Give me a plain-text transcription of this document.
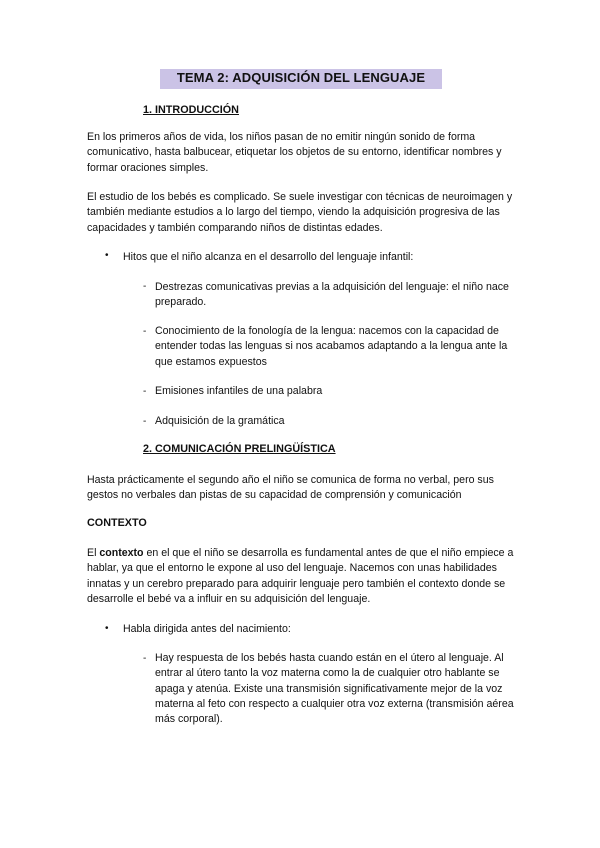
TEMA 2: ADQUISICIÓN DEL LENGUAJE
1. INTRODUCCIÓN
En los primeros años de vida, los niños pasan de no emitir ningún sonido de forma comunicativo, hasta balbucear, etiquetar los objetos de su entorno, identificar nombres y formar oraciones simples.
El estudio de los bebés es complicado. Se suele investigar con técnicas de neuroimagen y también mediante estudios a lo largo del tiempo, viendo la adquisición progresiva de las capacidades y también comparando niños de distintas edades.
• Hitos que el niño alcanza en el desarrollo del lenguaje infantil:
- Destrezas comunicativas previas a la adquisición del lenguaje: el niño nace preparado.
- Conocimiento de la fonología de la lengua: nacemos con la capacidad de entender todas las lenguas si nos acabamos adaptando a la lengua ante la que estamos expuestos
- Emisiones infantiles de una palabra
- Adquisición de la gramática
2. COMUNICACIÓN PRELINGÜÍSTICA
Hasta prácticamente el segundo año el niño se comunica de forma no verbal, pero sus gestos no verbales dan pistas de su capacidad de comprensión y comunicación
CONTEXTO
El contexto en el que el niño se desarrolla es fundamental antes de que el niño empiece a hablar, ya que el entorno le expone al uso del lenguaje. Nacemos con unas habilidades innatas y un cerebro preparado para adquirir lenguaje pero también el contexto donde se desarrolle el bebé va a influir en su adquisición del lenguaje.
• Habla dirigida antes del nacimiento:
- Hay respuesta de los bebés hasta cuando están en el útero al lenguaje. Al entrar al útero tanto la voz materna como la de cualquier otro hablante se apaga y atenúa. Existe una transmisión significativamente mejor de la voz materna al feto con respecto a cualquier otra voz externa (transmisión aérea más corporal).
